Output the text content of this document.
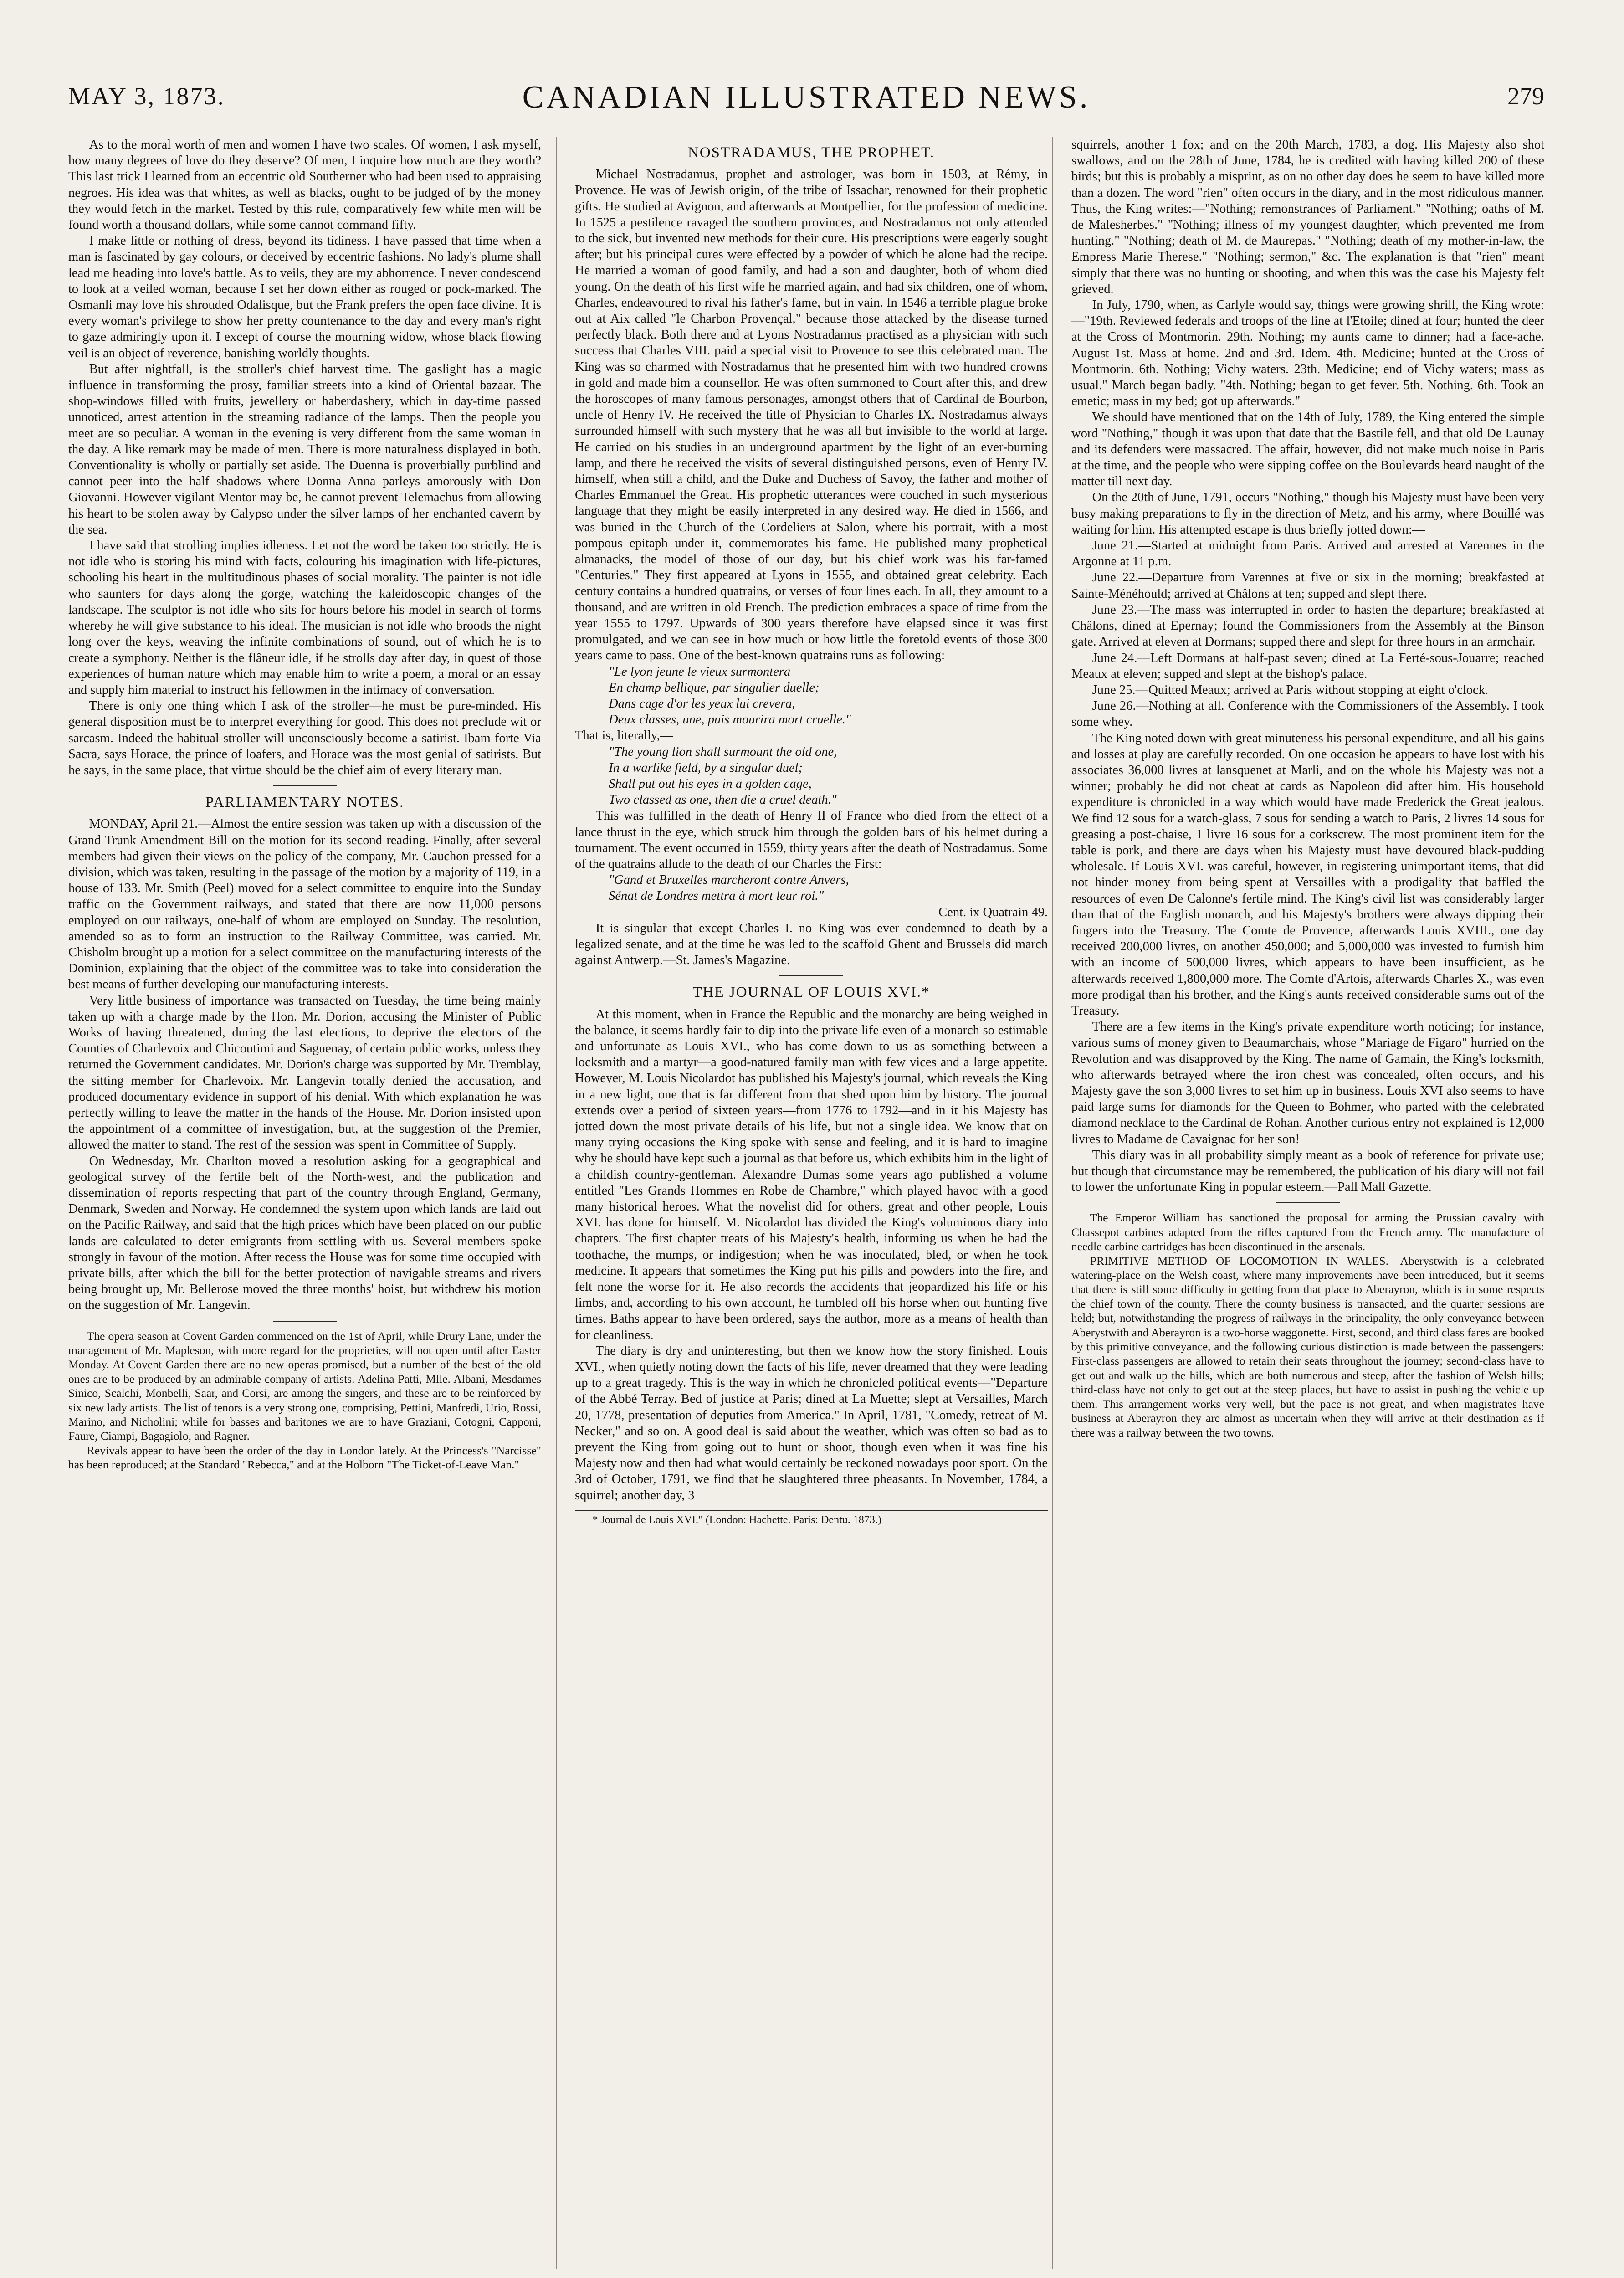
MAY 3, 1873.	CANADIAN ILLUSTRATED NEWS.	279

As to the moral worth of men and women I have two scales. Of women, I ask myself, how many degrees of love do they deserve? Of men, I inquire how much are they worth? This last trick I learned from an eccentric old Southerner who had been used to appraising negroes. His idea was that whites, as well as blacks, ought to be judged of by the money they would fetch in the market. Tested by this rule, comparatively few white men will be found worth a thousand dollars, while some cannot command fifty.

I make little or nothing of dress, beyond its tidiness. I have passed that time when a man is fascinated by gay colours, or deceived by eccentric fashions. No lady's plume shall lead me heading into love's battle. As to veils, they are my abhorrence. I never condescend to look at a veiled woman, because I set her down either as rouged or pock-marked. The Osmanli may love his shrouded Odalisque, but the Frank prefers the open face divine. It is every woman's privilege to show her pretty countenance to the day and every man's right to gaze admiringly upon it. I except of course the mourning widow, whose black flowing veil is an object of reverence, banishing worldly thoughts.

But after nightfall, is the stroller's chief harvest time. The gaslight has a magic influence in transforming the prosy, familiar streets into a kind of Oriental bazaar. The shop-windows filled with fruits, jewellery or haberdashery, which in day-time passed unnoticed, arrest attention in the streaming radiance of the lamps. Then the people you meet are so peculiar. A woman in the evening is very different from the same woman in the day. A like remark may be made of men. There is more naturalness displayed in both. Conventionality is wholly or partially set aside. The Duenna is proverbially purblind and cannot peer into the half shadows where Donna Anna parleys amorously with Don Giovanni. However vigilant Mentor may be, he cannot prevent Telemachus from allowing his heart to be stolen away by Calypso under the silver lamps of her enchanted cavern by the sea.

I have said that strolling implies idleness. Let not the word be taken too strictly. He is not idle who is storing his mind with facts, colouring his imagination with life-pictures, schooling his heart in the multitudinous phases of social morality. The painter is not idle who saunters for days along the gorge, watching the kaleidoscopic changes of the landscape. The sculptor is not idle who sits for hours before his model in search of forms whereby he will give substance to his ideal. The musician is not idle who broods the night long over the keys, weaving the infinite combinations of sound, out of which he is to create a symphony. Neither is the flâneur idle, if he strolls day after day, in quest of those experiences of human nature which may enable him to write a poem, a moral or an essay and supply him material to instruct his fellowmen in the intimacy of conversation.

There is only one thing which I ask of the stroller—he must be pure-minded. His general disposition must be to interpret everything for good. This does not preclude wit or sarcasm. Indeed the habitual stroller will unconsciously become a satirist. Ibam forte Via Sacra, says Horace, the prince of loafers, and Horace was the most genial of satirists. But he says, in the same place, that virtue should be the chief aim of every literary man.

PARLIAMENTARY NOTES.

MONDAY, April 21.—Almost the entire session was taken up with a discussion of the Grand Trunk Amendment Bill on the motion for its second reading. Finally, after several members had given their views on the policy of the company, Mr. Cauchon pressed for a division, which was taken, resulting in the passage of the motion by a majority of 119, in a house of 133. Mr. Smith (Peel) moved for a select committee to enquire into the Sunday traffic on the Government railways, and stated that there are now 11,000 persons employed on our railways, one-half of whom are employed on Sunday. The resolution, amended so as to form an instruction to the Railway Committee, was carried. Mr. Chisholm brought up a motion for a select committee on the manufacturing interests of the Dominion, explaining that the object of the committee was to take into consideration the best means of further developing our manufacturing interests.

Very little business of importance was transacted on Tuesday, the time being mainly taken up with a charge made by the Hon. Mr. Dorion, accusing the Minister of Public Works of having threatened, during the last elections, to deprive the electors of the Counties of Charlevoix and Chicoutimi and Saguenay, of certain public works, unless they returned the Government candidates. Mr. Dorion's charge was supported by Mr. Tremblay, the sitting member for Charlevoix. Mr. Langevin totally denied the accusation, and produced documentary evidence in support of his denial. With which explanation he was perfectly willing to leave the matter in the hands of the House. Mr. Dorion insisted upon the appointment of a committee of investigation, but, at the suggestion of the Premier, allowed the matter to stand. The rest of the session was spent in Committee of Supply.

On Wednesday, Mr. Charlton moved a resolution asking for a geographical and geological survey of the fertile belt of the North-west, and the publication and dissemination of reports respecting that part of the country through England, Germany, Denmark, Sweden and Norway. He condemned the system upon which lands are laid out on the Pacific Railway, and said that the high prices which have been placed on our public lands are calculated to deter emigrants from settling with us. Several members spoke strongly in favour of the motion. After recess the House was for some time occupied with private bills, after which the bill for the better protection of navigable streams and rivers being brought up, Mr. Bellerose moved the three months' hoist, but withdrew his motion on the suggestion of Mr. Langevin.

The opera season at Covent Garden commenced on the 1st of April, while Drury Lane, under the management of Mr. Mapleson, with more regard for the proprieties, will not open until after Easter Monday. At Covent Garden there are no new operas promised, but a number of the best of the old ones are to be produced by an admirable company of artists. Adelina Patti, Mlle. Albani, Mesdames Sinico, Scalchi, Monbelli, Saar, and Corsi, are among the singers, and these are to be reinforced by six new lady artists. The list of tenors is a very strong one, comprising, Pettini, Manfredi, Urio, Rossi, Marino, and Nicholini; while for basses and baritones we are to have Graziani, Cotogni, Capponi, Faure, Ciampi, Bagagiolo, and Ragner.

Revivals appear to have been the order of the day in London lately. At the Princess's "Narcisse" has been reproduced; at the Standard "Rebecca," and at the Holborn "The Ticket-of-Leave Man."

NOSTRADAMUS, THE PROPHET.

Michael Nostradamus, prophet and astrologer, was born in 1503, at Rémy, in Provence. He was of Jewish origin, of the tribe of Issachar, renowned for their prophetic gifts. He studied at Avignon, and afterwards at Montpellier, for the profession of medicine. In 1525 a pestilence ravaged the southern provinces, and Nostradamus not only attended to the sick, but invented new methods for their cure. His prescriptions were eagerly sought after; but his principal cures were effected by a powder of which he alone had the recipe. He married a woman of good family, and had a son and daughter, both of whom died young. On the death of his first wife he married again, and had six children, one of whom, Charles, endeavoured to rival his father's fame, but in vain. In 1546 a terrible plague broke out at Aix called "le Charbon Provençal," because those attacked by the disease turned perfectly black. Both there and at Lyons Nostradamus practised as a physician with such success that Charles VIII. paid a special visit to Provence to see this celebrated man. The King was so charmed with Nostradamus that he presented him with two hundred crowns in gold and made him a counsellor. He was often summoned to Court after this, and drew the horoscopes of many famous personages, amongst others that of Cardinal de Bourbon, uncle of Henry IV. He received the title of Physician to Charles IX. Nostradamus always surrounded himself with such mystery that he was all but invisible to the world at large. He carried on his studies in an underground apartment by the light of an ever-burning lamp, and there he received the visits of several distinguished persons, even of Henry IV. himself, when still a child, and the Duke and Duchess of Savoy, the father and mother of Charles Emmanuel the Great. His prophetic utterances were couched in such mysterious language that they might be easily interpreted in any desired way. He died in 1566, and was buried in the Church of the Cordeliers at Salon, where his portrait, with a most pompous epitaph under it, commemorates his fame. He published many prophetical almanacks, the model of those of our day, but his chief work was his far-famed "Centuries." They first appeared at Lyons in 1555, and obtained great celebrity. Each century contains a hundred quatrains, or verses of four lines each. In all, they amount to a thousand, and are written in old French. The prediction embraces a space of time from the year 1555 to 1797. Upwards of 300 years therefore have elapsed since it was first promulgated, and we can see in how much or how little the foretold events of those 300 years came to pass. One of the best-known quatrains runs as following:

"Le lyon jeune le vieux surmontera

En champ bellique, par singulier duelle;

Dans cage d'or les yeux lui crevera,

Deux classes, une, puis mourira mort cruelle."

That is, literally,—

"The young lion shall surmount the old one,

In a warlike field, by a singular duel;

Shall put out his eyes in a golden cage,

Two classed as one, then die a cruel death."

This was fulfilled in the death of Henry II of France who died from the effect of a lance thrust in the eye, which struck him through the golden bars of his helmet during a tournament. The event occurred in 1559, thirty years after the death of Nostradamus. Some of the quatrains allude to the death of our Charles the First:

"Gand et Bruxelles marcheront contre Anvers,

Sénat de Londres mettra à mort leur roi."

Cent. ix Quatrain 49.

It is singular that except Charles I. no King was ever condemned to death by a legalized senate, and at the time he was led to the scaffold Ghent and Brussels did march against Antwerp.—St. James's Magazine.

THE JOURNAL OF LOUIS XVI.*

At this moment, when in France the Republic and the monarchy are being weighed in the balance, it seems hardly fair to dip into the private life even of a monarch so estimable and unfortunate as Louis XVI., who has come down to us as something between a locksmith and a martyr—a good-natured family man with few vices and a large appetite. However, M. Louis Nicolardot has published his Majesty's journal, which reveals the King in a new light, one that is far different from that shed upon him by history. The journal extends over a period of sixteen years—from 1776 to 1792—and in it his Majesty has jotted down the most private details of his life, but not a single idea. We know that on many trying occasions the King spoke with sense and feeling, and it is hard to imagine why he should have kept such a journal as that before us, which exhibits him in the light of a childish country-gentleman. Alexandre Dumas some years ago published a volume entitled "Les Grands Hommes en Robe de Chambre," which played havoc with a good many historical heroes. What the novelist did for others, great and other people, Louis XVI. has done for himself. M. Nicolardot has divided the King's voluminous diary into chapters. The first chapter treats of his Majesty's health, informing us when he had the toothache, the mumps, or indigestion; when he was inoculated, bled, or when he took medicine. It appears that sometimes the King put his pills and powders into the fire, and felt none the worse for it. He also records the accidents that jeopardized his life or his limbs, and, according to his own account, he tumbled off his horse when out hunting five times. Baths appear to have been ordered, says the author, more as a means of health than for cleanliness.

The diary is dry and uninteresting, but then we know how the story finished. Louis XVI., when quietly noting down the facts of his life, never dreamed that they were leading up to a great tragedy. This is the way in which he chronicled political events—"Departure of the Abbé Terray. Bed of justice at Paris; dined at La Muette; slept at Versailles, March 20, 1778, presentation of deputies from America." In April, 1781, "Comedy, retreat of M. Necker," and so on. A good deal is said about the weather, which was often so bad as to prevent the King from going out to hunt or shoot, though even when it was fine his Majesty now and then had what would certainly be reckoned nowadays poor sport. On the 3rd of October, 1791, we find that he slaughtered three pheasants. In November, 1784, a squirrel; another day, 3

* Journal de Louis XVI." (London: Hachette. Paris: Dentu. 1873.)

squirrels, another 1 fox; and on the 20th March, 1783, a dog. His Majesty also shot swallows, and on the 28th of June, 1784, he is credited with having killed 200 of these birds; but this is probably a misprint, as on no other day does he seem to have killed more than a dozen. The word "rien" often occurs in the diary, and in the most ridiculous manner. Thus, the King writes:—"Nothing; remonstrances of Parliament." "Nothing; oaths of M. de Malesherbes." "Nothing; illness of my youngest daughter, which prevented me from hunting." "Nothing; death of M. de Maurepas." "Nothing; death of my mother-in-law, the Empress Marie Therese." "Nothing; sermon," &c. The explanation is that "rien" meant simply that there was no hunting or shooting, and when this was the case his Majesty felt grieved.

In July, 1790, when, as Carlyle would say, things were growing shrill, the King wrote:—"19th. Reviewed federals and troops of the line at l'Etoile; dined at four; hunted the deer at the Cross of Montmorin. 29th. Nothing; my aunts came to dinner; had a face-ache. August 1st. Mass at home. 2nd and 3rd. Idem. 4th. Medicine; hunted at the Cross of Montmorin. 6th. Nothing; Vichy waters. 23th. Medicine; end of Vichy waters; mass as usual." March began badly. "4th. Nothing; began to get fever. 5th. Nothing. 6th. Took an emetic; mass in my bed; got up afterwards."

We should have mentioned that on the 14th of July, 1789, the King entered the simple word "Nothing," though it was upon that date that the Bastile fell, and that old De Launay and its defenders were massacred. The affair, however, did not make much noise in Paris at the time, and the people who were sipping coffee on the Boulevards heard naught of the matter till next day.

On the 20th of June, 1791, occurs "Nothing," though his Majesty must have been very busy making preparations to fly in the direction of Metz, and his army, where Bouillé was waiting for him. His attempted escape is thus briefly jotted down:—

June 21.—Started at midnight from Paris. Arrived and arrested at Varennes in the Argonne at 11 p.m.

June 22.—Departure from Varennes at five or six in the morning; breakfasted at Sainte-Ménéhould; arrived at Châlons at ten; supped and slept there.

June 23.—The mass was interrupted in order to hasten the departure; breakfasted at Châlons, dined at Epernay; found the Commissioners from the Assembly at the Binson gate. Arrived at eleven at Dormans; supped there and slept for three hours in an armchair.

June 24.—Left Dormans at half-past seven; dined at La Ferté-sous-Jouarre; reached Meaux at eleven; supped and slept at the bishop's palace.

June 25.—Quitted Meaux; arrived at Paris without stopping at eight o'clock.

June 26.—Nothing at all. Conference with the Commissioners of the Assembly. I took some whey.

The King noted down with great minuteness his personal expenditure, and all his gains and losses at play are carefully recorded. On one occasion he appears to have lost with his associates 36,000 livres at lansquenet at Marli, and on the whole his Majesty was not a winner; probably he did not cheat at cards as Napoleon did after him. His household expenditure is chronicled in a way which would have made Frederick the Great jealous. We find 12 sous for a watch-glass, 7 sous for sending a watch to Paris, 2 livres 14 sous for greasing a post-chaise, 1 livre 16 sous for a corkscrew. The most prominent item for the table is pork, and there are days when his Majesty must have devoured black-pudding wholesale. If Louis XVI. was careful, however, in registering unimportant items, that did not hinder money from being spent at Versailles with a prodigality that baffled the resources of even De Calonne's fertile mind. The King's civil list was considerably larger than that of the English monarch, and his Majesty's brothers were always dipping their fingers into the Treasury. The Comte de Provence, afterwards Louis XVIII., one day received 200,000 livres, on another 450,000; and 5,000,000 was invested to furnish him with an income of 500,000 livres, which appears to have been insufficient, as he afterwards received 1,800,000 more. The Comte d'Artois, afterwards Charles X., was even more prodigal than his brother, and the King's aunts received considerable sums out of the Treasury.

There are a few items in the King's private expenditure worth noticing; for instance, various sums of money given to Beaumarchais, whose "Mariage de Figaro" hurried on the Revolution and was disapproved by the King. The name of Gamain, the King's locksmith, who afterwards betrayed where the iron chest was concealed, often occurs, and his Majesty gave the son 3,000 livres to set him up in business. Louis XVI also seems to have paid large sums for diamonds for the Queen to Bohmer, who parted with the celebrated diamond necklace to the Cardinal de Rohan. Another curious entry not explained is 12,000 livres to Madame de Cavaignac for her son!

This diary was in all probability simply meant as a book of reference for private use; but though that circumstance may be remembered, the publication of his diary will not fail to lower the unfortunate King in popular esteem.—Pall Mall Gazette.

The Emperor William has sanctioned the proposal for arming the Prussian cavalry with Chassepot carbines adapted from the rifles captured from the French army. The manufacture of needle carbine cartridges has been discontinued in the arsenals.

PRIMITIVE METHOD OF LOCOMOTION IN WALES.—Aberystwith is a celebrated watering-place on the Welsh coast, where many improvements have been introduced, but it seems that there is still some difficulty in getting from that place to Aberayron, which is in some respects the chief town of the county. There the county business is transacted, and the quarter sessions are held; but, notwithstanding the progress of railways in the principality, the only conveyance between Aberystwith and Aberayron is a two-horse waggonette. First, second, and third class fares are booked by this primitive conveyance, and the following curious distinction is made between the passengers: First-class passengers are allowed to retain their seats throughout the journey; second-class have to get out and walk up the hills, which are both numerous and steep, after the fashion of Welsh hills; third-class have not only to get out at the steep places, but have to assist in pushing the vehicle up them. This arrangement works very well, but the pace is not great, and when magistrates have business at Aberayron they are almost as uncertain when they will arrive at their destination as if there was a railway between the two towns.
